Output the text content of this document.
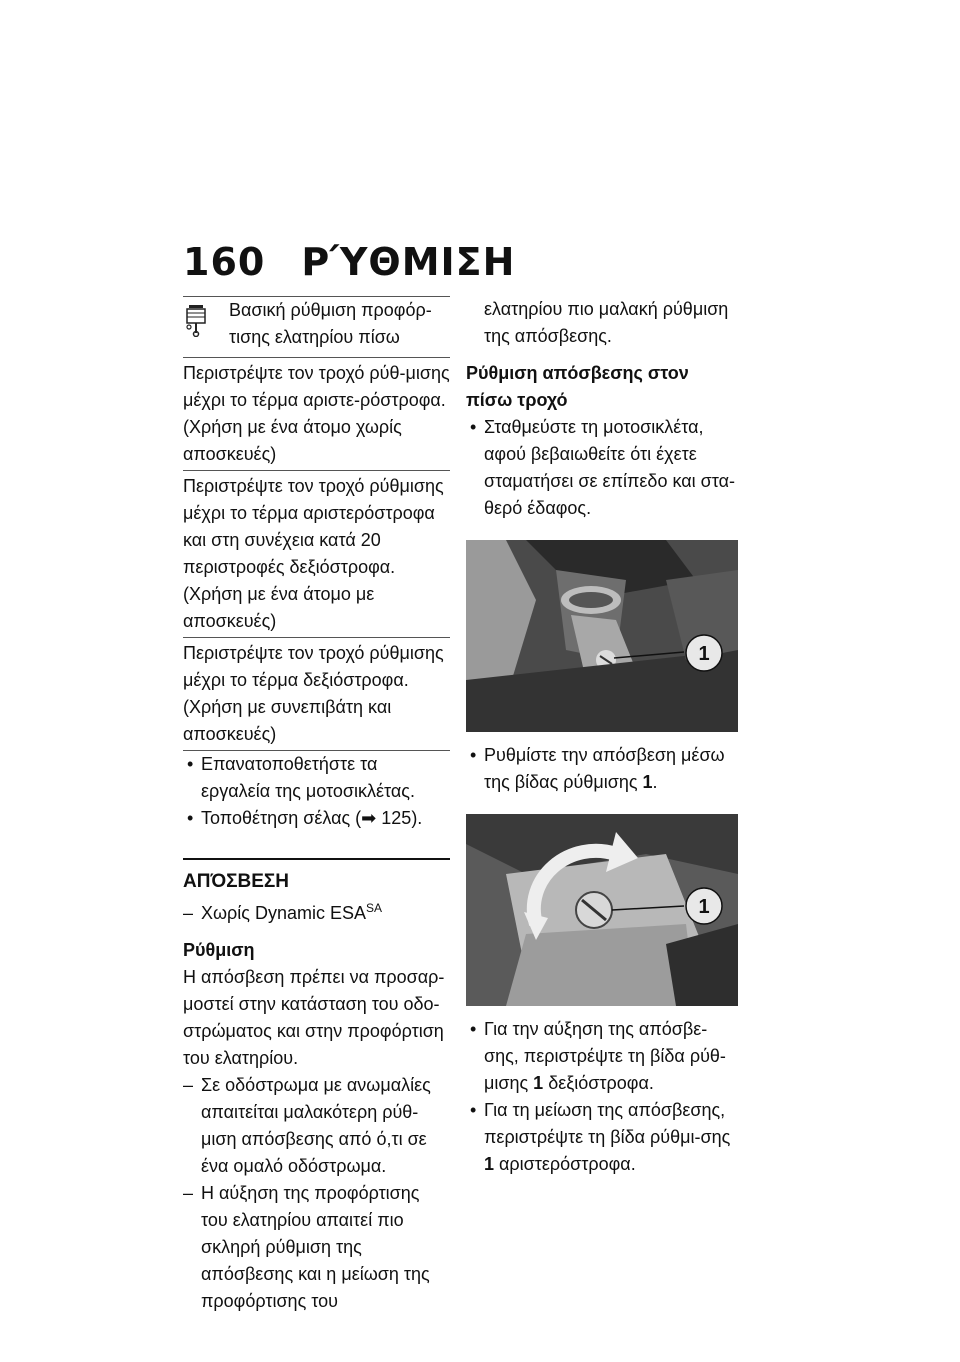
160 ΡΎΘΜΙΣΗ
Βασική ρύθμιση προφόρ-τισης ελατηρίου πίσω
Περιστρέψτε τον τροχό ρύθ-μισης μέχρι το τέρμα αριστε-ρόστροφα. (Χρήση με ένα άτομο χωρίς αποσκευές)
Περιστρέψτε τον τροχό ρύθμισης μέχρι το τέρμα αριστερόστροφα και στη συνέχεια κατά 20 περιστροφές δεξιόστροφα. (Χρήση με ένα άτομο με αποσκευές)
Περιστρέψτε τον τροχό ρύθμισης μέχρι το τέρμα δεξιόστροφα. (Χρήση με συνεπιβάτη και αποσκευές)

• Επανατοποθετήστε τα εργαλεία της μοτοσικλέτας.

• Τοποθέτηση σέλας (➡ 125).

ΑΠΌΣΒΕΣΗ

– Χωρίς Dynamic $ESA^{SA}$

Ρύθμιση

Η απόσβεση πρέπει να προσαρ-μοστεί στην κατάσταση του οδο-στρώματος και στην προφόρτιση του ελατηρίου.

– Σε οδόστρωμα με ανωμαλίες απαιτείται μαλακότερη ρύθ-μιση απόσβεσης από ό,τι σε ένα ομαλό οδόστρωμα.

– Η αύξηση της προφόρτισης του ελατηρίου απαιτεί πιο σκληρή ρύθμιση της απόσβεσης και η μείωση της προφόρτισης του

ελατηρίου πιο μαλακή ρύθμιση της απόσβεσης.

Ρύθμιση απόσβεσης στον πίσω τροχό

• Σταθμεύστε τη μοτοσικλέτα, αφού βεβαιωθείτε ότι έχετε σταματήσει σε επίπεδο και στα-θερό έδαφος.

1

• Ρυθμίστε την απόσβεση μέσω της βίδας ρύθμισης 1.

1

• Για την αύξηση της απόσβε-σης, περιστρέψτε τη βίδα ρύθ-μισης 1 δεξιόστροφα.

• Για τη μείωση της απόσβεσης, περιστρέψτε τη βίδα ρύθμι-σης 1 αριστερόστροφα.
